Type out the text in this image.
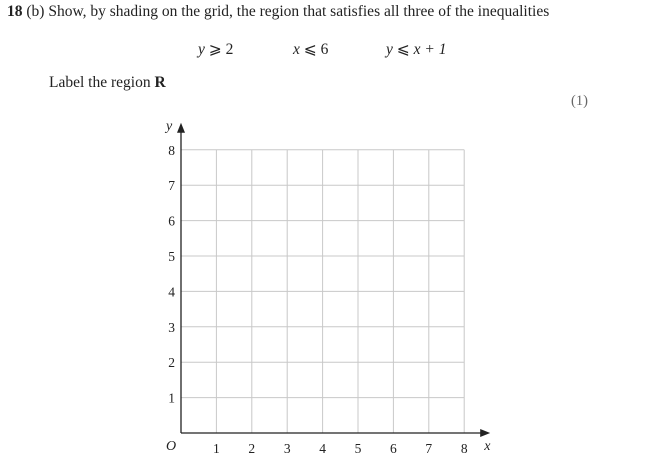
18 (b) Show, by shading on the grid, the region that satisfies all three of the inequalities
y ⩾ 2	x ⩽ 6	y ⩽ x + 1
Label the region R
(1)
1 2 3 4 5 6 7 8
1
2
3
4
5
6
7
8
x
y
O
